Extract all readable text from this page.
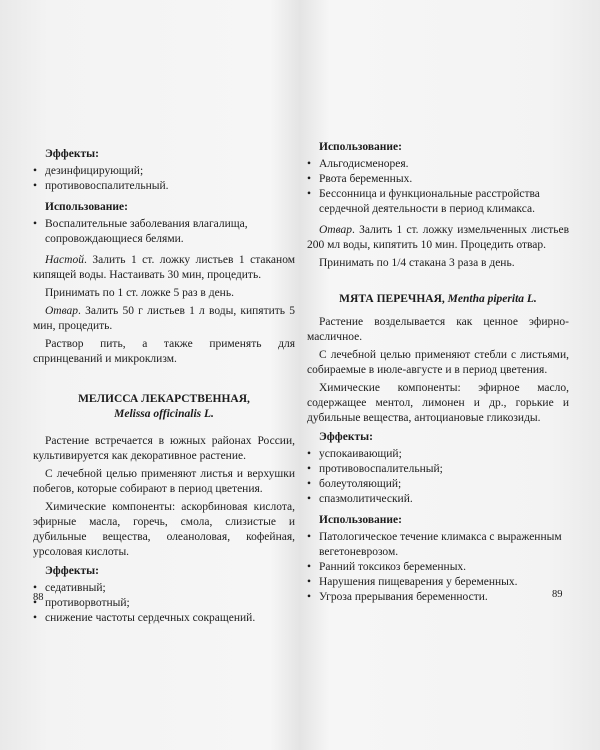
Эффекты:
• дезинфицирующий;
• противовоспалительный.
Использование:
• Воспалительные заболевания влагалища, сопровождающиеся белями.

Настой. Залить 1 ст. ложку листьев 1 стаканом кипящей воды. Настаивать 30 мин, процедить.

Принимать по 1 ст. ложке 5 раз в день.

Отвар. Залить 50 г листьев 1 л воды, кипятить 5 мин, процедить.

Раствор пить, а также применять для спринцеваний и микроклизм.

МЕЛИССА ЛЕКАРСТВЕННАЯ,
Melissa officinalis L.

Растение встречается в южных районах России, культивируется как декоративное растение.

С лечебной целью применяют листья и верхушки побегов, которые собирают в период цветения.

Химические компоненты: аскорбиновая кислота, эфирные масла, горечь, смола, слизистые и дубильные вещества, олеаноловая, кофейная, урсоловая кислоты.

Эффекты:
• седативный;
• противорвотный;
• снижение частоты сердечных сокращений.
88
Использование:
• Альгодисменорея.
• Рвота беременных.
• Бессонница и функциональные расстройства сердечной деятельности в период климакса.

Отвар. Залить 1 ст. ложку измельченных листьев 200 мл воды, кипятить 10 мин. Процедить отвар.

Принимать по 1/4 стакана 3 раза в день.

МЯТА ПЕРЕЧНАЯ, Mentha piperita L.

Растение возделывается как ценное эфирно-масличное.

С лечебной целью применяют стебли с листьями, собираемые в июле-августе и в период цветения.

Химические компоненты: эфирное масло, содержащее ментол, лимонен и др., горькие и дубильные вещества, антоциановые гликозиды.

Эффекты:
• успокаивающий;
• противовоспалительный;
• болеутоляющий;
• спазмолитический.
Использование:
• Патологическое течение климакса с выраженным вегетоневрозом.
• Ранний токсикоз беременных.
• Нарушения пищеварения у беременных.
• Угроза прерывания беременности.	89
